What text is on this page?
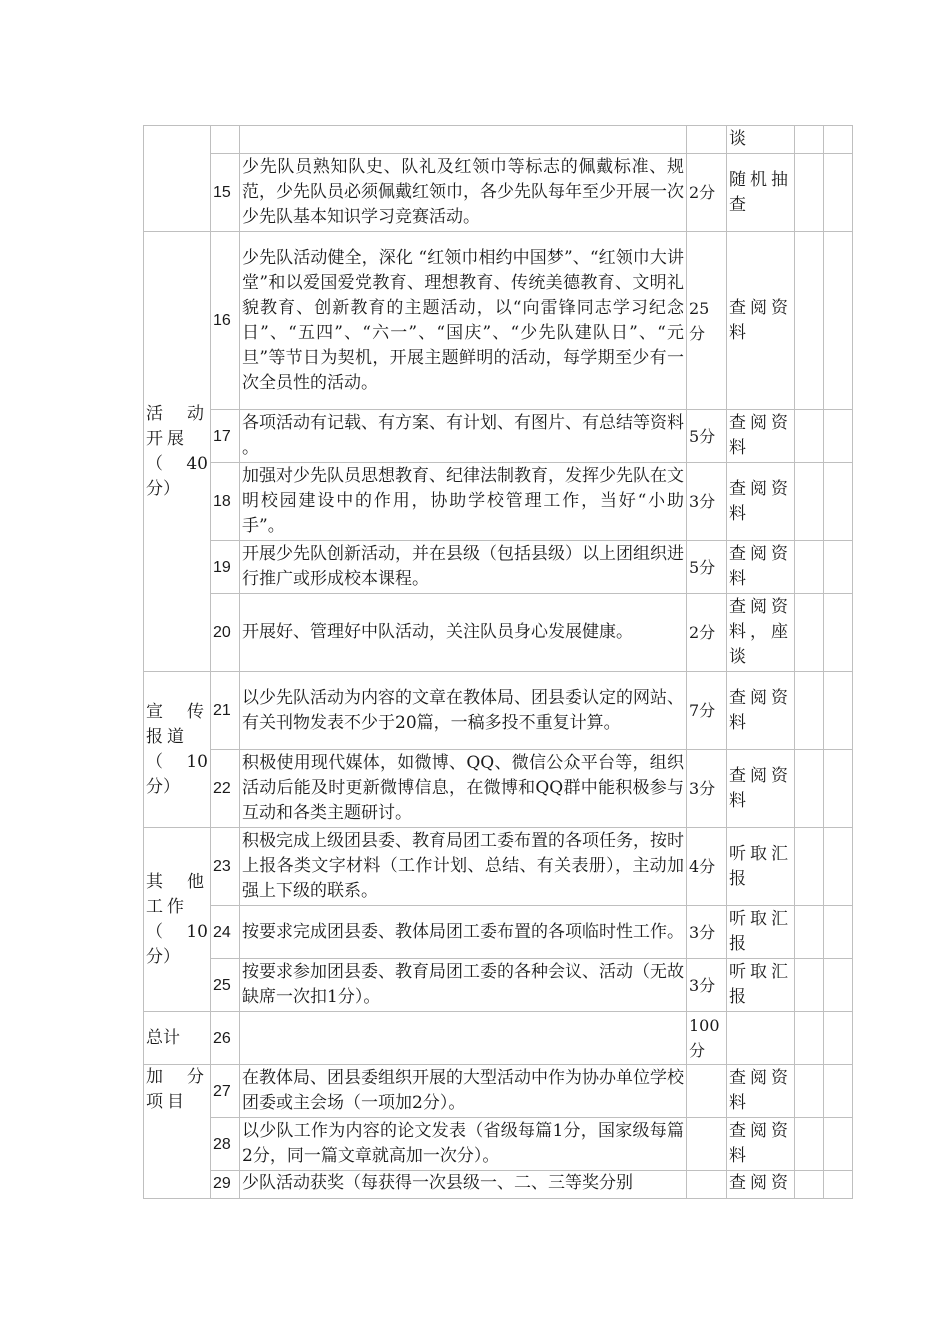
				谈		
	15	少先队员熟知队史、队礼及红领巾等标志的佩戴标准、规范，少先队员必须佩戴红领巾，各少先队每年至少开展一次少先队基本知识学习竞赛活动。	2分	随机抽查		

活动开展
（ 40分）	16	少先队活动健全，深化 “红领巾相约中国梦”、“红领巾大讲堂”和以爱国爱党教育、理想教育、传统美德教育、文明礼貌教育、创新教育的主题活动，以“向雷锋同志学习纪念日”、“五四”、“六一”、“国庆”、“少先队建队日”、“元旦”等节日为契机，开展主题鲜明的活动，每学期至少有一次全员性的活动。	25分	查阅资料		
	17	各项活动有记载、有方案、有计划、有图片、有总结等资料 。	5分	查阅资料		
	18	加强对少先队员思想教育、纪律法制教育，发挥少先队在文明校园建设中的作用，协助学校管理工作，当好“小助手”。	3分	查阅资料		
	19	开展少先队创新活动，并在县级（包括县级）以上团组织进行推广或形成校本课程。	5分	查阅资料		
	20	开展好、管理好中队活动，关注队员身心发展健康。	2分	查阅资料，座谈		

宣传报道
（ 10分）	21	以少先队活动为内容的文章在教体局、团县委认定的网站、有关刊物发表不少于20篇，一稿多投不重复计算。	7分	查阅资料		
	22	积极使用现代媒体，如微博、QQ、微信公众平台等，组织活动后能及时更新微博信息，在微博和QQ群中能积极参与互动和各类主题研讨。	3分	查阅资料		

其他工作
（ 10分）	23	积极完成上级团县委、教育局团工委布置的各项任务，按时上报各类文字材料（工作计划、总结、有关表册），主动加强上下级的联系。	4分	听取汇报		
	24	按要求完成团县委、教体局团工委布置的各项临时性工作。	3分	听取汇报		
	25	按要求参加团县委、教育局团工委的各种会议、活动（无故缺席一次扣1分）。	3分	听取汇报		
总计	26		100分			

加分项目	27	在教体局、团县委组织开展的大型活动中作为协办单位学校团委或主会场（一项加2分）。		查阅资料		
	28	以少队工作为内容的论文发表（省级每篇1分，国家级每篇2分，同一篇文章就高加一次分）。		查阅资料		
	29	少队活动获奖（每获得一次县级一、二、三等奖分别		查阅资		
